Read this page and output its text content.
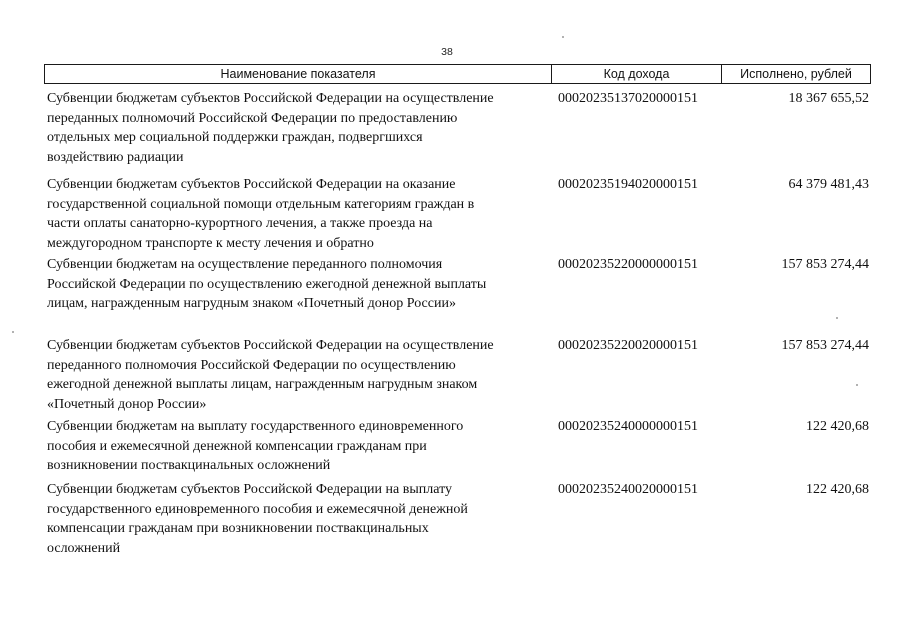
38
Наименование показателя	Код дохода	Исполнено, рублей
Субвенции бюджетам субъектов Российской Федерации на осуществление
переданных полномочий Российской Федерации по предоставлению
отдельных мер социальной поддержки граждан, подвергшихся
воздействию радиации
00020235137020000151	18 367 655,52
Субвенции бюджетам субъектов Российской Федерации на оказание
государственной социальной помощи отдельным категориям граждан в
части оплаты санаторно-курортного лечения, а также проезда на
междугородном транспорте к месту лечения и обратно
00020235194020000151	64 379 481,43
Субвенции бюджетам на осуществление переданного полномочия
Российской Федерации по осуществлению ежегодной денежной выплаты
лицам, награжденным нагрудным знаком «Почетный донор России»
00020235220000000151	157 853 274,44
Субвенции бюджетам субъектов Российской Федерации на осуществление
переданного полномочия Российской Федерации по осуществлению
ежегодной денежной выплаты лицам, награжденным нагрудным знаком
«Почетный донор России»
00020235220020000151	157 853 274,44
Субвенции бюджетам на выплату государственного единовременного
пособия и ежемесячной денежной компенсации гражданам при
возникновении поствакцинальных осложнений
00020235240000000151	122 420,68
Субвенции бюджетам субъектов Российской Федерации на выплату
государственного единовременного пособия и ежемесячной денежной
компенсации гражданам при возникновении поствакцинальных
осложнений
00020235240020000151	122 420,68
